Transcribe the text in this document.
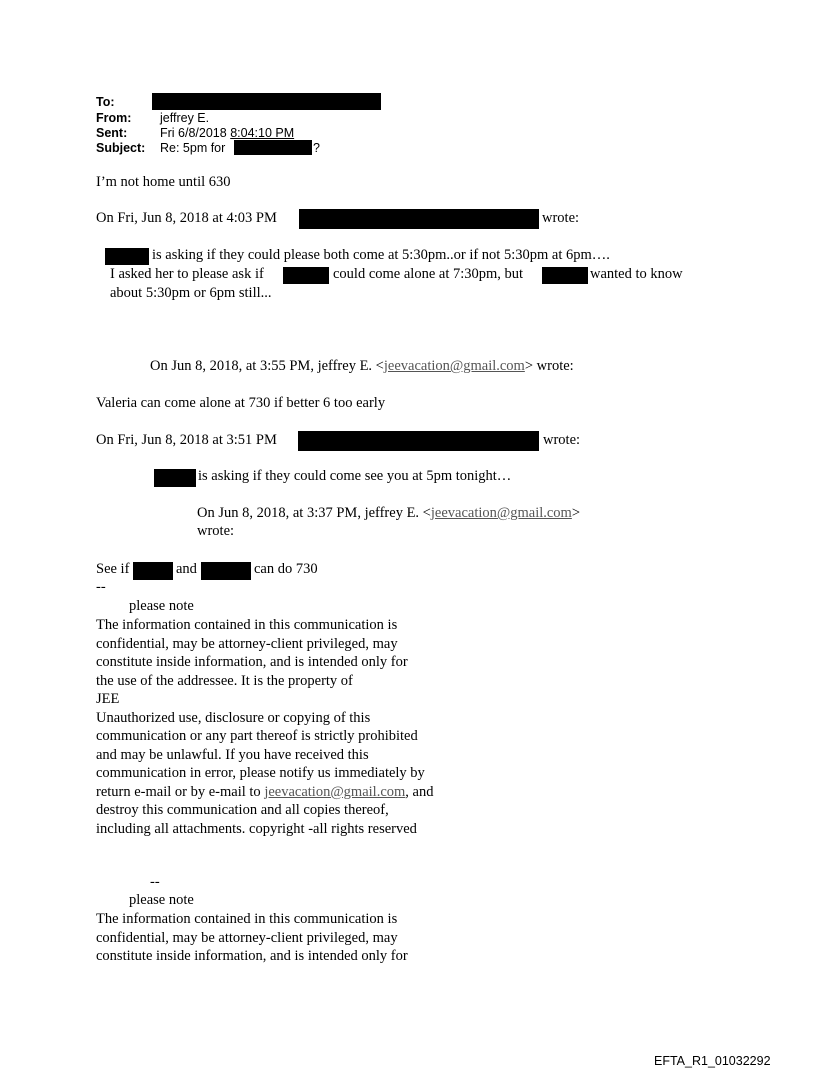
To:
From: jeffrey E.
Sent:	Fri 6/8/2018 8:04:10 PM
Subject: Re: 5pm for	?
I’m not home until 630
On Fri, Jun 8, 2018 at 4:03 PM	wrote:
is asking if they could please both come at 5:30pm..or if not 5:30pm at 6pm….
I asked her to please ask if	could come alone at 7:30pm, but	wanted to know
about 5:30pm or 6pm still...
On Jun 8, 2018, at 3:55 PM, jeffrey E. <jeevacation@gmail.com> wrote:
Valeria can come alone at 730 if better 6 too early
On Fri, Jun 8, 2018 at 3:51 PM	wrote:
is asking if they could come see you at 5pm tonight…
On Jun 8, 2018, at 3:37 PM, jeffrey E. <jeevacation@gmail.com>
wrote:
See if	and	can do 730
--
please note
The information contained in this communication is
confidential, may be attorney-client privileged, may
constitute inside information, and is intended only for
the use of the addressee. It is the property of
JEE
Unauthorized use, disclosure or copying of this
communication or any part thereof is strictly prohibited
and may be unlawful. If you have received this
communication in error, please notify us immediately by
return e-mail or by e-mail to jeevacation@gmail.com, and
destroy this communication and all copies thereof,
including all attachments. copyright -all rights reserved
--
please note
The information contained in this communication is
confidential, may be attorney-client privileged, may
constitute inside information, and is intended only for
EFTA_R1_01032292
